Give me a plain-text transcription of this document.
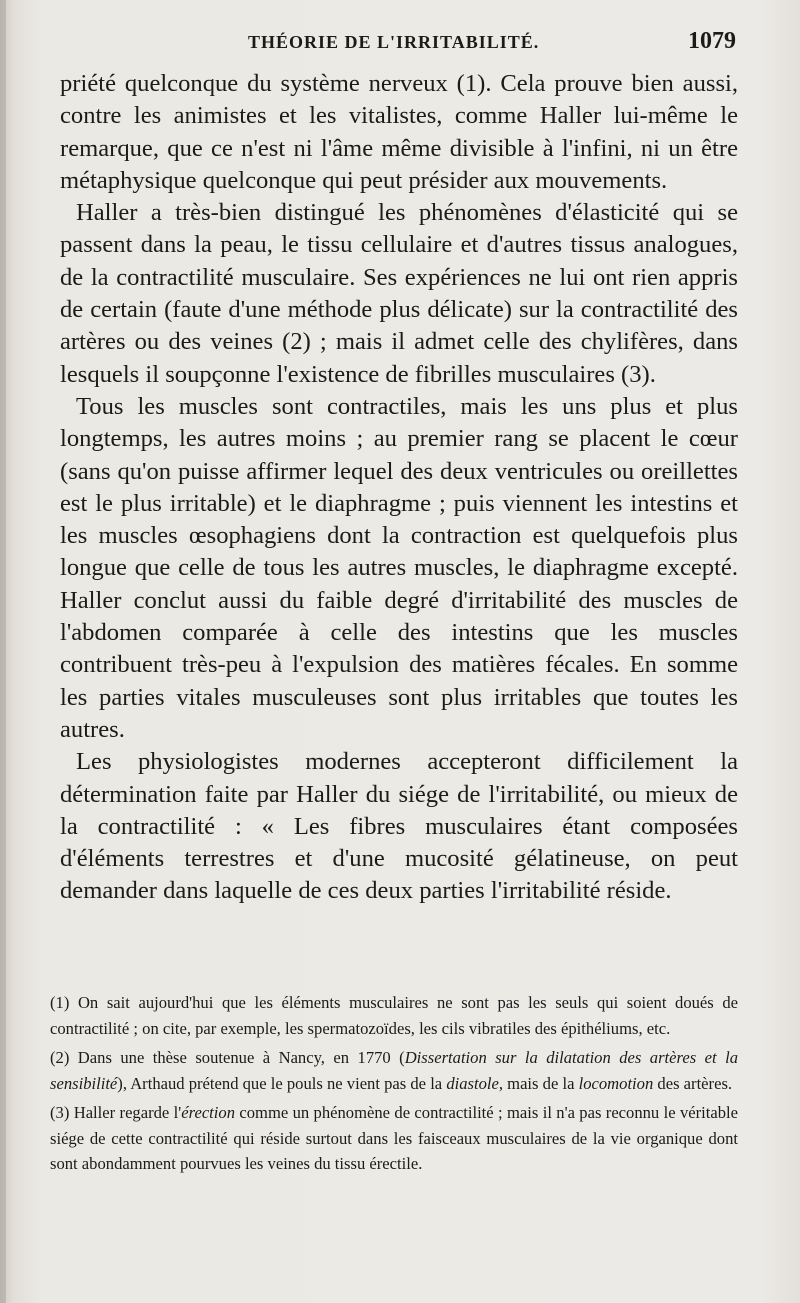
THÉORIE DE L'IRRITABILITÉ.	1079

priété quelconque du système nerveux (1). Cela prouve bien aussi, contre les animistes et les vitalistes, comme Haller lui-même le remarque, que ce n'est ni l'âme même divisible à l'infini, ni un être métaphysique quelconque qui peut présider aux mouvements.

Haller a très-bien distingué les phénomènes d'élasticité qui se passent dans la peau, le tissu cellulaire et d'autres tissus analogues, de la contractilité musculaire. Ses expériences ne lui ont rien appris de certain (faute d'une méthode plus délicate) sur la contractilité des artères ou des veines (2) ; mais il admet celle des chylifères, dans lesquels il soupçonne l'existence de fibrilles musculaires (3).

Tous les muscles sont contractiles, mais les uns plus et plus longtemps, les autres moins ; au premier rang se placent le cœur (sans qu'on puisse affirmer lequel des deux ventricules ou oreillettes est le plus irritable) et le diaphragme ; puis viennent les intestins et les muscles œsophagiens dont la contraction est quelquefois plus longue que celle de tous les autres muscles, le diaphragme excepté. Haller conclut aussi du faible degré d'irritabilité des muscles de l'abdomen comparée à celle des intestins que les muscles contribuent très-peu à l'expulsion des matières fécales. En somme les parties vitales musculeuses sont plus irritables que toutes les autres.

Les physiologistes modernes accepteront difficilement la détermination faite par Haller du siége de l'irritabilité, ou mieux de la contractilité : « Les fibres musculaires étant composées d'éléments terrestres et d'une mucosité gélatineuse, on peut demander dans laquelle de ces deux parties l'irritabilité réside.

(1) On sait aujourd'hui que les éléments musculaires ne sont pas les seuls qui soient doués de contractilité ; on cite, par exemple, les spermatozoïdes, les cils vibratiles des épithéliums, etc.

(2) Dans une thèse soutenue à Nancy, en 1770 (Dissertation sur la dilatation des artères et la sensibilité), Arthaud prétend que le pouls ne vient pas de la diastole, mais de la locomotion des artères.

(3) Haller regarde l'érection comme un phénomène de contractilité ; mais il n'a pas reconnu le véritable siége de cette contractilité qui réside surtout dans les faisceaux musculaires de la vie organique dont sont abondamment pourvues les veines du tissu érectile.
